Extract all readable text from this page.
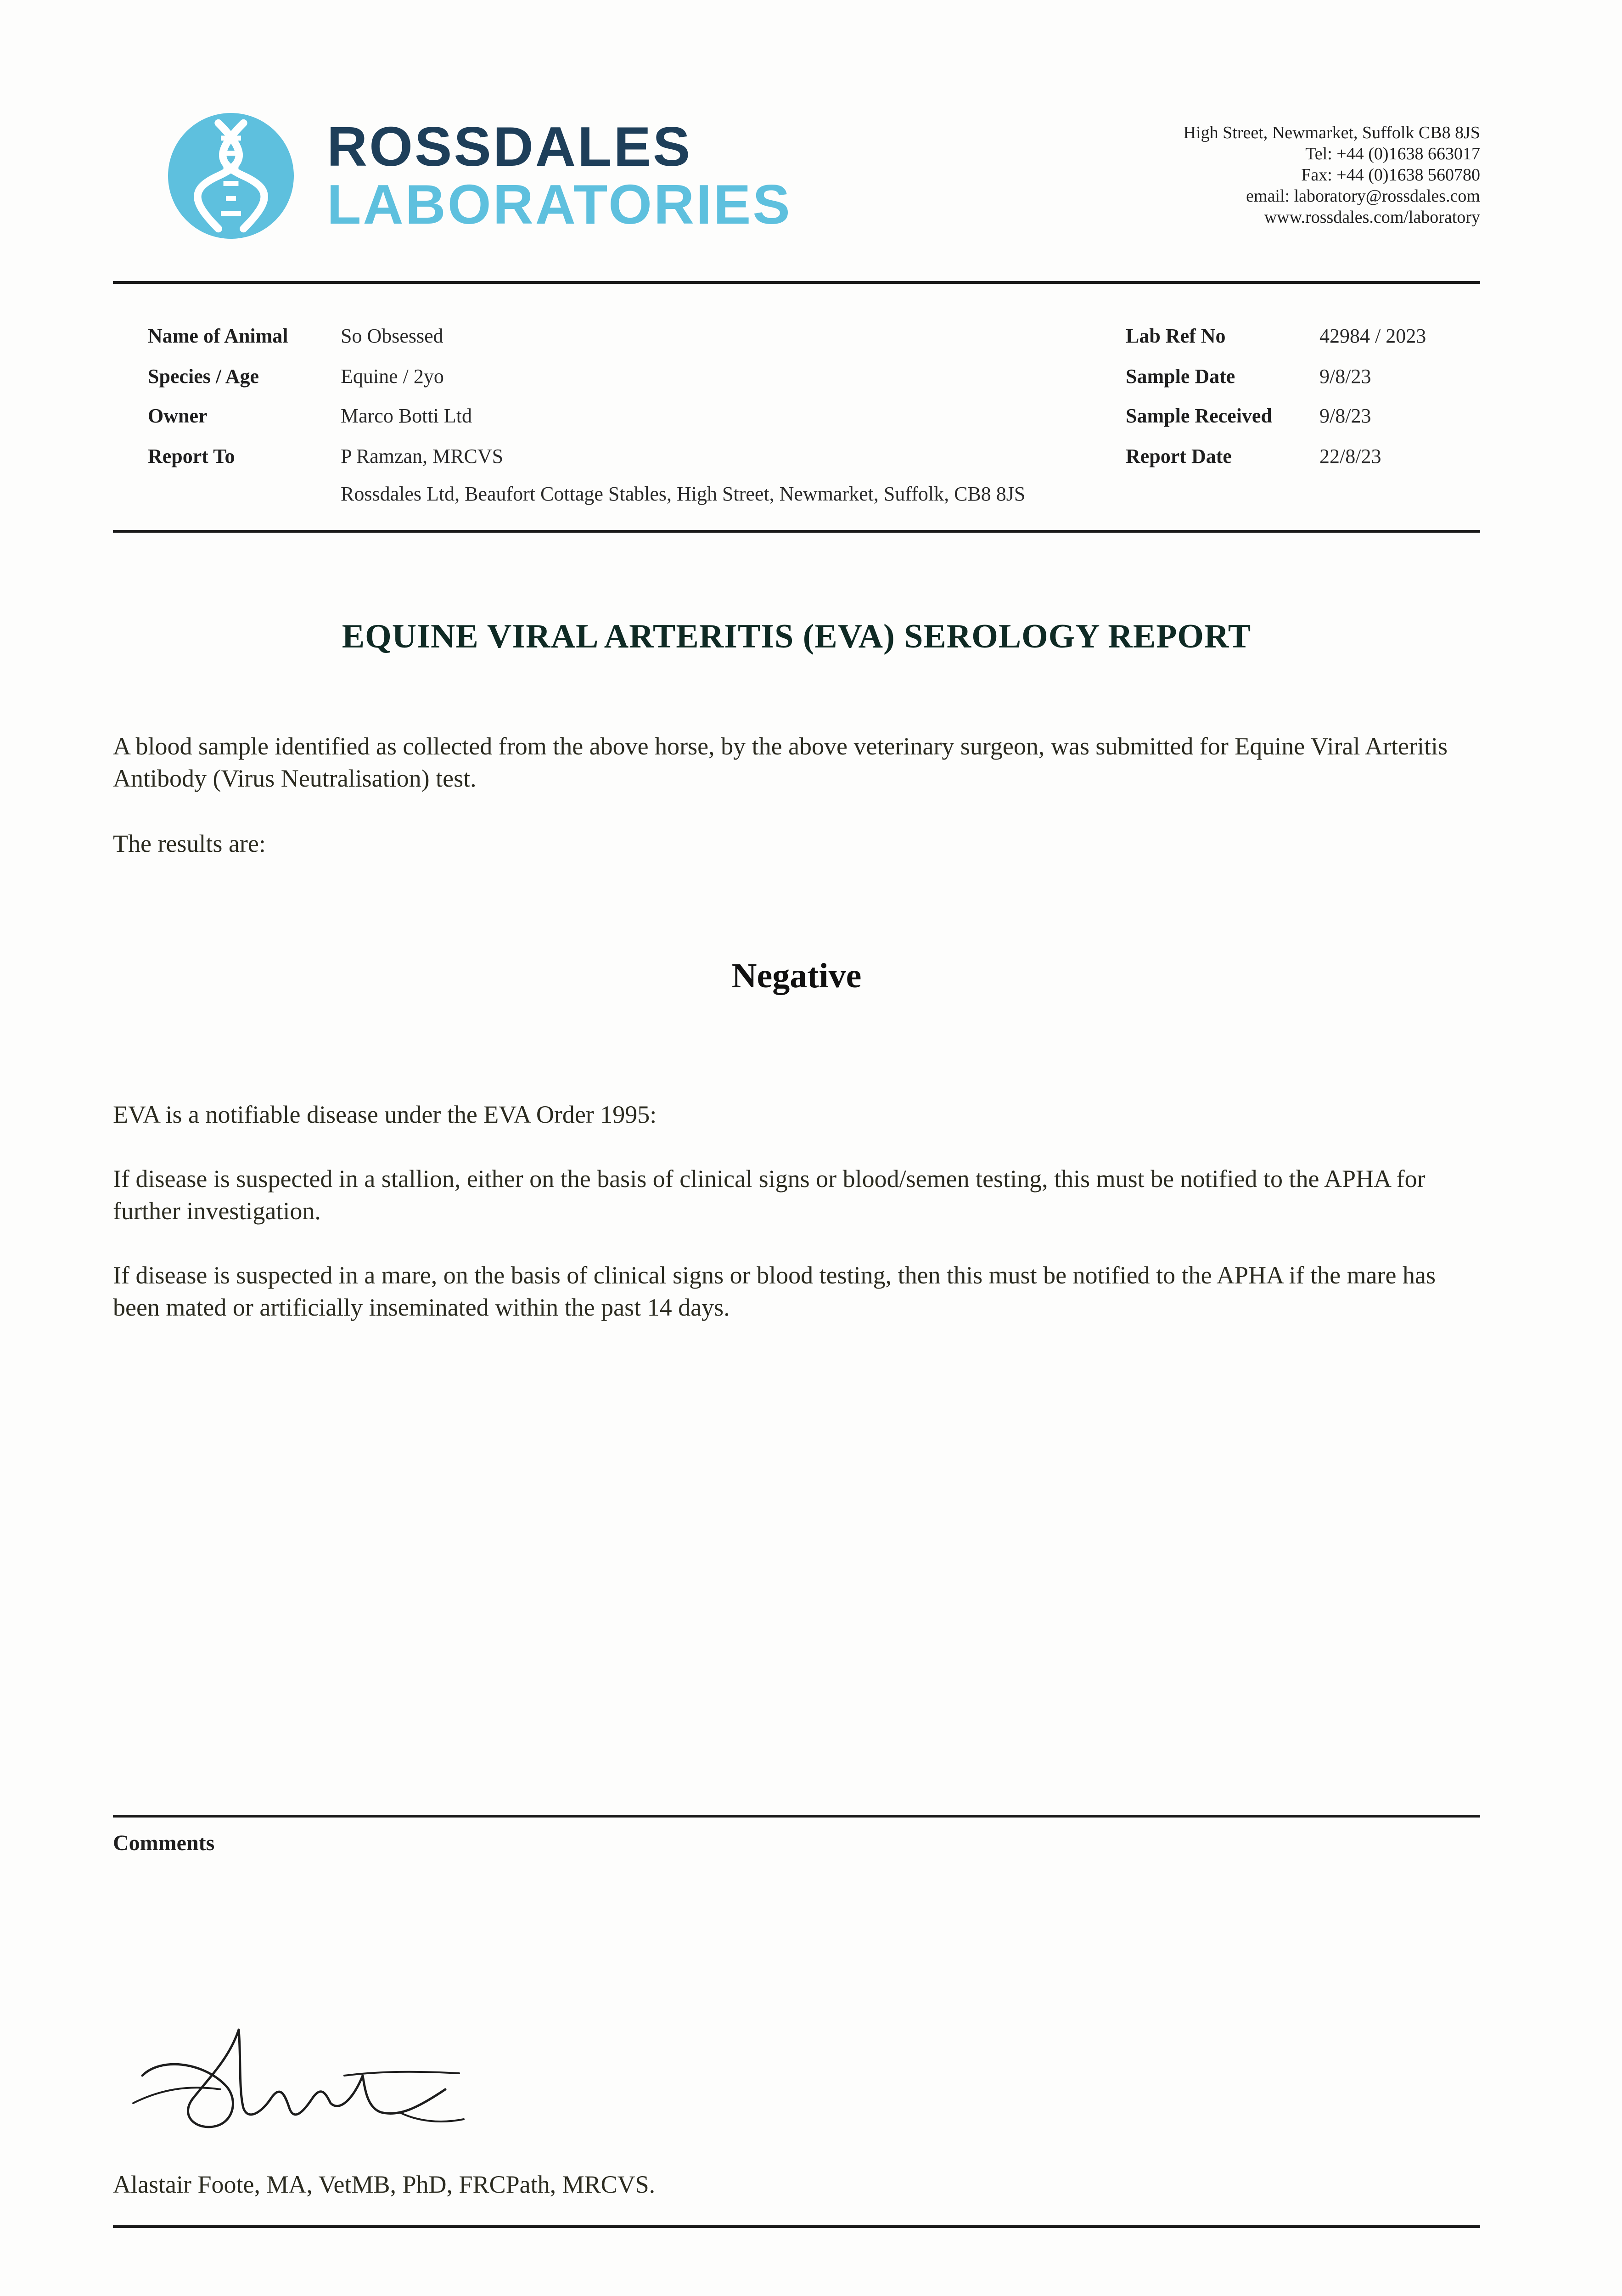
ROSSDALES
LABORATORIES
High Street, Newmarket, Suffolk CB8 8JS
Tel: +44 (0)1638 663017
Fax: +44 (0)1638 560780
email: laboratory@rossdales.com
www.rossdales.com/laboratory
Name of Animal	So Obsessed
Species / Age	Equine / 2yo
Owner	Marco Botti Ltd
Report To	P Ramzan, MRCVS
Rossdales Ltd, Beaufort Cottage Stables, High Street, Newmarket, Suffolk, CB8 8JS
Lab Ref No	42984 / 2023
Sample Date	9/8/23
Sample Received 9/8/23
Report Date	22/8/23
EQUINE VIRAL ARTERITIS (EVA) SEROLOGY REPORT
A blood sample identified as collected from the above horse, by the above veterinary surgeon, was submitted for Equine Viral Arteritis Antibody (Virus Neutralisation) test.
The results are:
Negative
EVA is a notifiable disease under the EVA Order 1995:
If disease is suspected in a stallion, either on the basis of clinical signs or blood/semen testing, this must be notified to the APHA for further investigation.
If disease is suspected in a mare, on the basis of clinical signs or blood testing, then this must be notified to the APHA if the mare has been mated or artificially inseminated within the past 14 days.
Comments
Alastair Foote, MA, VetMB, PhD, FRCPath, MRCVS.
